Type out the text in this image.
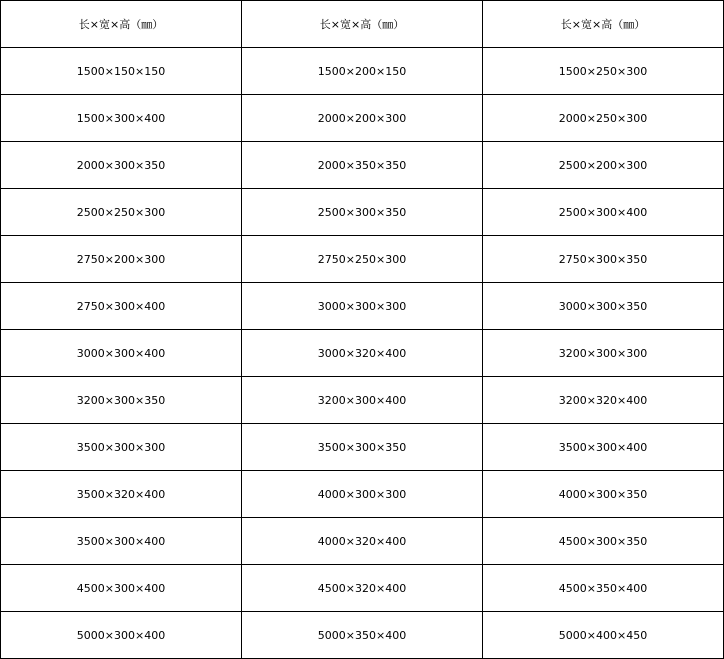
长×宽×高（㎜）	长×宽×高（㎜）	长×宽×高（㎜）
1500×150×150	1500×200×150	1500×250×300
1500×300×400	2000×200×300	2000×250×300
2000×300×350	2000×350×350	2500×200×300
2500×250×300	2500×300×350	2500×300×400
2750×200×300	2750×250×300	2750×300×350
2750×300×400	3000×300×300	3000×300×350
3000×300×400	3000×320×400	3200×300×300
3200×300×350	3200×300×400	3200×320×400
3500×300×300	3500×300×350	3500×300×400
3500×320×400	4000×300×300	4000×300×350
3500×300×400	4000×320×400	4500×300×350
4500×300×400	4500×320×400	4500×350×400
5000×300×400	5000×350×400	5000×400×450
